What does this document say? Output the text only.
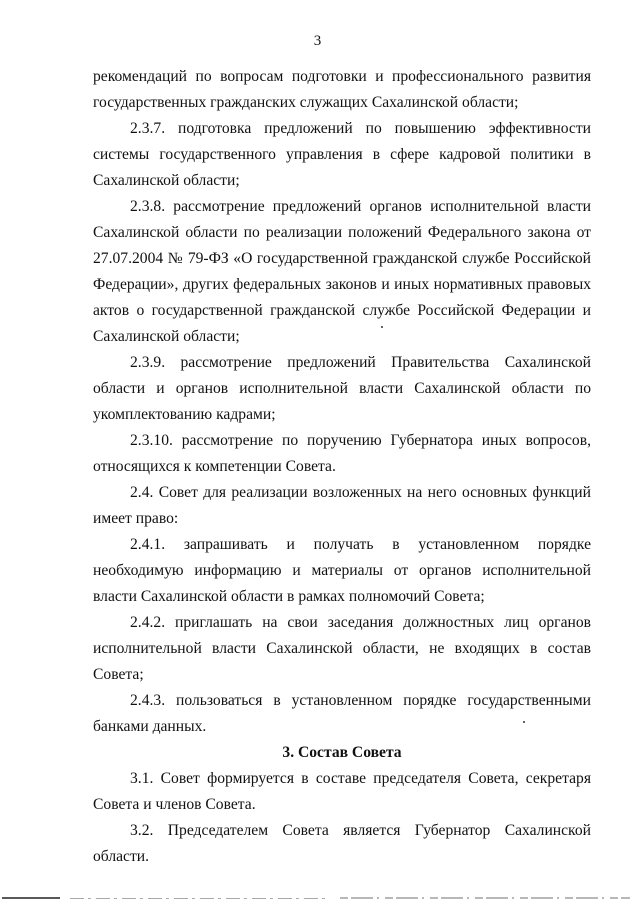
3

рекомендаций по вопросам подготовки и профессионального развития государственных гражданских служащих Сахалинской области;

2.3.7. подготовка предложений по повышению эффективности системы государственного управления в сфере кадровой политики в Сахалинской области;

2.3.8. рассмотрение предложений органов исполнительной власти Сахалинской области по реализации положений Федерального закона от 27.07.2004 № 79-ФЗ «О государственной гражданской службе Российской Федерации», других федеральных законов и иных нормативных правовых актов о государственной гражданской службе Российской Федерации и Сахалинской области;

2.3.9. рассмотрение предложений Правительства Сахалинской области и органов исполнительной власти Сахалинской области по укомплектованию кадрами;

2.3.10. рассмотрение по поручению Губернатора иных вопросов, относящихся к компетенции Совета.

2.4. Совет для реализации возложенных на него основных функций имеет право:

2.4.1. запрашивать и получать в установленном порядке необходимую информацию и материалы от органов исполнительной власти Сахалинской области в рамках полномочий Совета;

2.4.2. приглашать на свои заседания должностных лиц органов исполнительной власти Сахалинской области, не входящих в состав Совета;

2.4.3. пользоваться в установленном порядке государственными банками данных.

3. Состав Совета

3.1. Совет формируется в составе председателя Совета, секретаря Совета и членов Совета.

3.2. Председателем Совета является Губернатор Сахалинской области.
